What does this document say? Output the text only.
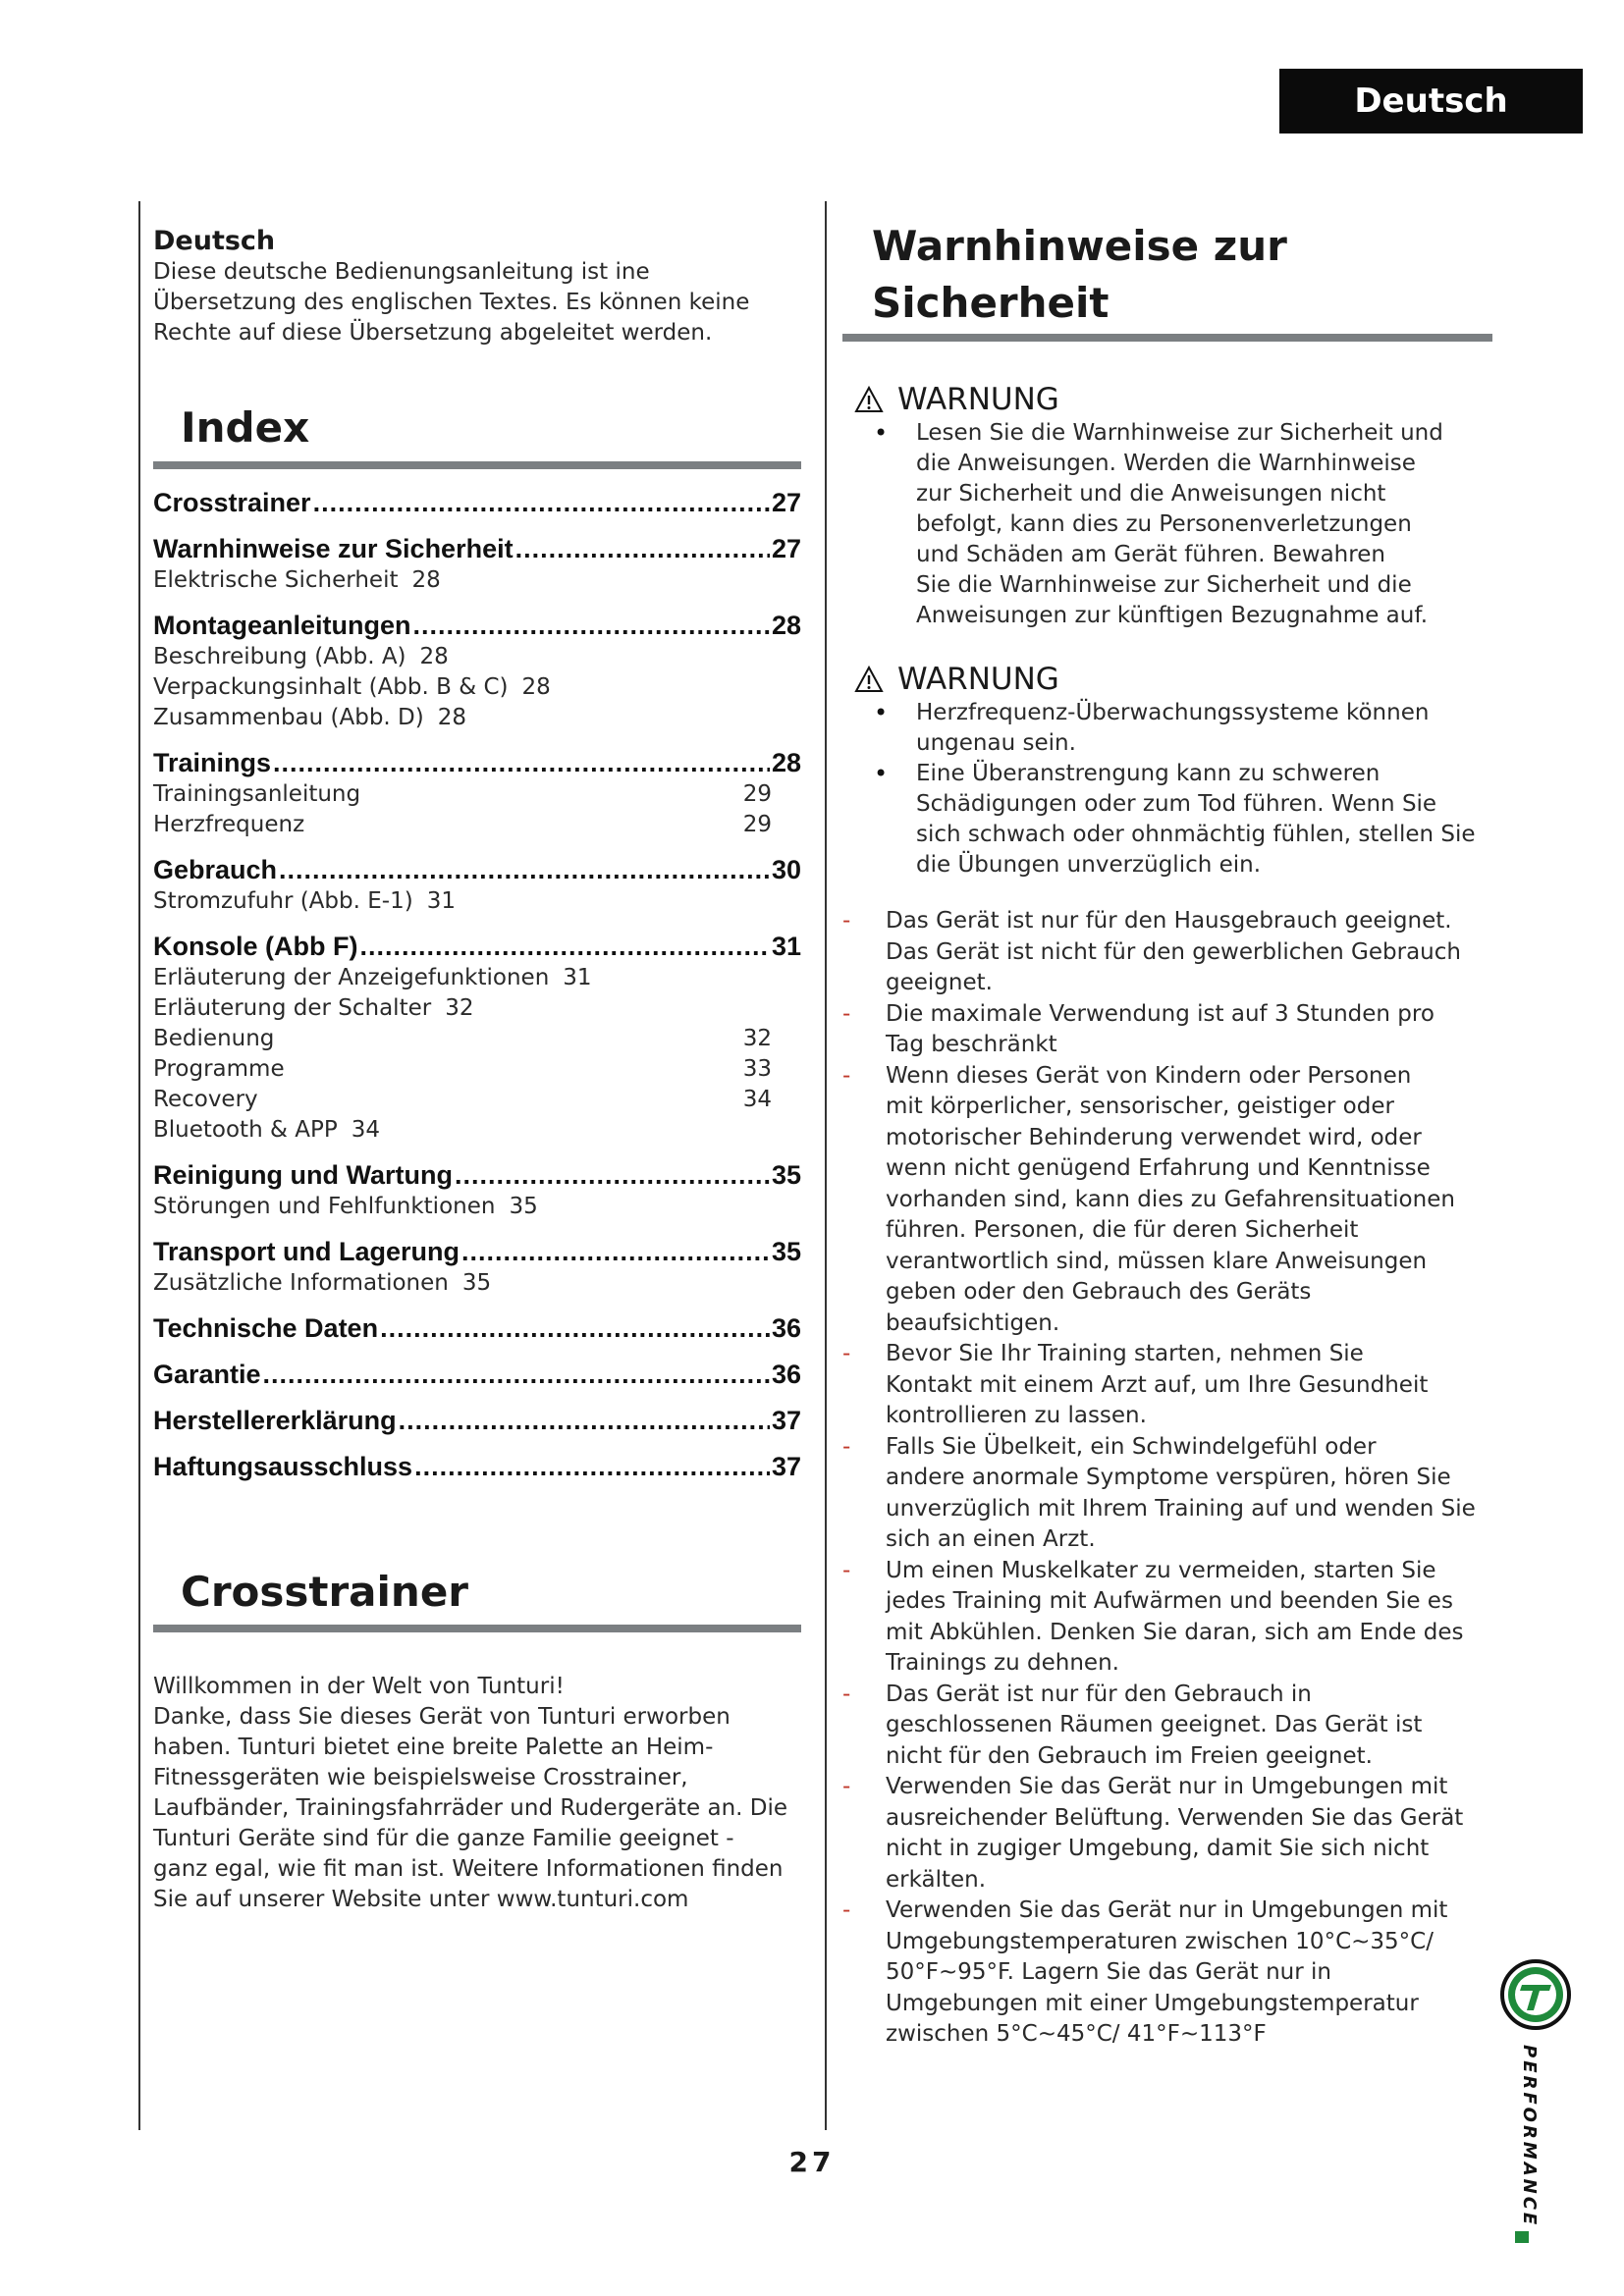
Deutsch
Deutsch
Diese deutsche Bedienungsanleitung ist ine
Übersetzung des englischen Textes. Es können keine
Rechte auf diese Übersetzung abgeleitet werden.
Index
Crosstrainer .....	27
Warnhinweise zur Sicherheit .....	27
Elektrische Sicherheit 28
Montageanleitungen .....	28
Beschreibung (Abb. A) 28
Verpackungsinhalt (Abb. B & C) 28
Zusammenbau (Abb. D) 28
Trainings .....	28
Trainingsanleitung	29
Herzfrequenz	29
Gebrauch .....	30
Stromzufuhr (Abb. E-1) 31
Konsole (Abb F) .....	31
Erläuterung der Anzeigefunktionen 31
Erläuterung der Schalter 32
Bedienung	32
Programme	33
Recovery	34
Bluetooth & APP 34
Reinigung und Wartung .....	35
Störungen und Fehlfunktionen 35
Transport und Lagerung .....	35
Zusätzliche Informationen 35
Technische Daten .....	36
Garantie .....	36
Herstellererklärung .....	37
Haftungsausschluss .....	37
Crosstrainer
Willkommen in der Welt von Tunturi!
Danke, dass Sie dieses Gerät von Tunturi erworben
haben. Tunturi bietet eine breite Palette an Heim-
Fitnessgeräten wie beispielsweise Crosstrainer,
Laufbänder, Trainingsfahrräder und Rudergeräte an. Die
Tunturi Geräte sind für die ganze Familie geeignet -
ganz egal, wie fit man ist. Weitere Informationen finden
Sie auf unserer Website unter www.tunturi.com
Warnhinweise zur
Sicherheit
WARNUNG
• Lesen Sie die Warnhinweise zur Sicherheit und
die Anweisungen. Werden die Warnhinweise
zur Sicherheit und die Anweisungen nicht
befolgt, kann dies zu Personenverletzungen
und Schäden am Gerät führen. Bewahren
Sie die Warnhinweise zur Sicherheit und die
Anweisungen zur künftigen Bezugnahme auf.
WARNUNG
• Herzfrequenz-Überwachungssysteme können
ungenau sein.
• Eine Überanstrengung kann zu schweren
Schädigungen oder zum Tod führen. Wenn Sie
sich schwach oder ohnmächtig fühlen, stellen Sie
die Übungen unverzüglich ein.
- Das Gerät ist nur für den Hausgebrauch geeignet.
Das Gerät ist nicht für den gewerblichen Gebrauch
geeignet.
- Die maximale Verwendung ist auf 3 Stunden pro
Tag beschränkt
- Wenn dieses Gerät von Kindern oder Personen
mit körperlicher, sensorischer, geistiger oder
motorischer Behinderung verwendet wird, oder
wenn nicht genügend Erfahrung und Kenntnisse
vorhanden sind, kann dies zu Gefahrensituationen
führen. Personen, die für deren Sicherheit
verantwortlich sind, müssen klare Anweisungen
geben oder den Gebrauch des Geräts
beaufsichtigen.
- Bevor Sie Ihr Training starten, nehmen Sie
Kontakt mit einem Arzt auf, um Ihre Gesundheit
kontrollieren zu lassen.
- Falls Sie Übelkeit, ein Schwindelgefühl oder
andere anormale Symptome verspüren, hören Sie
unverzüglich mit Ihrem Training auf und wenden Sie
sich an einen Arzt.
- Um einen Muskelkater zu vermeiden, starten Sie
jedes Training mit Aufwärmen und beenden Sie es
mit Abkühlen. Denken Sie daran, sich am Ende des
Trainings zu dehnen.
- Das Gerät ist nur für den Gebrauch in
geschlossenen Räumen geeignet. Das Gerät ist
nicht für den Gebrauch im Freien geeignet.
- Verwenden Sie das Gerät nur in Umgebungen mit
ausreichender Belüftung. Verwenden Sie das Gerät
nicht in zugiger Umgebung, damit Sie sich nicht
erkälten.
- Verwenden Sie das Gerät nur in Umgebungen mit
Umgebungstemperaturen zwischen 10°C~35°C/
50°F~95°F. Lagern Sie das Gerät nur in
Umgebungen mit einer Umgebungstemperatur
zwischen 5°C~45°C/ 41°F~113°F
27	PERFORMANCE
